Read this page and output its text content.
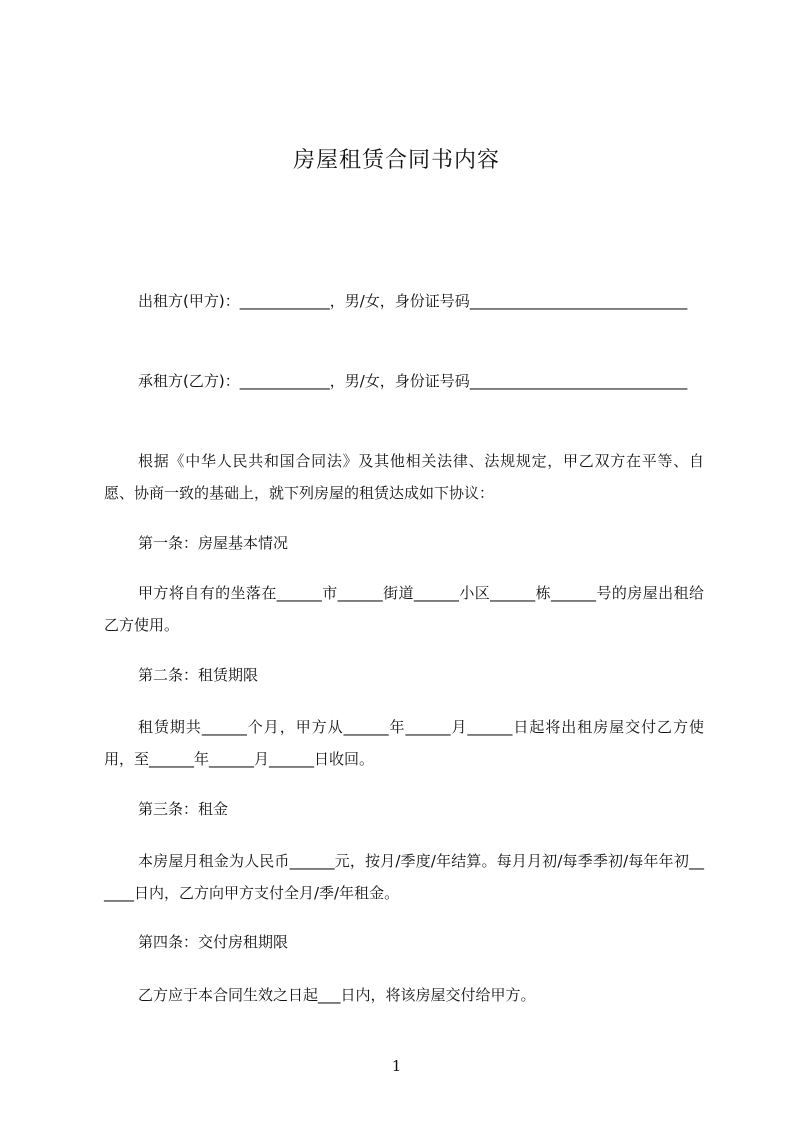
房屋租赁合同书内容
出租方(甲方)：____________，男/女，身份证号码_____________________________
承租方(乙方)：____________，男/女，身份证号码_____________________________
根据《中华人民共和国合同法》及其他相关法律、法规规定，甲乙双方在平等、自愿、协商一致的基础上，就下列房屋的租赁达成如下协议：
第一条：房屋基本情况
甲方将自有的坐落在______市______街道______小区______栋______号的房屋出租给乙方使用。
第二条：租赁期限
租赁期共______个月，甲方从______年______月______日起将出租房屋交付乙方使用，至______年______月______日收回。
第三条：租金
本房屋月租金为人民币______元，按月/季度/年结算。每月月初/每季季初/每年年初______日内，乙方向甲方支付全月/季/年租金。
第四条：交付房租期限
乙方应于本合同生效之日起___日内，将该房屋交付给甲方。
1
